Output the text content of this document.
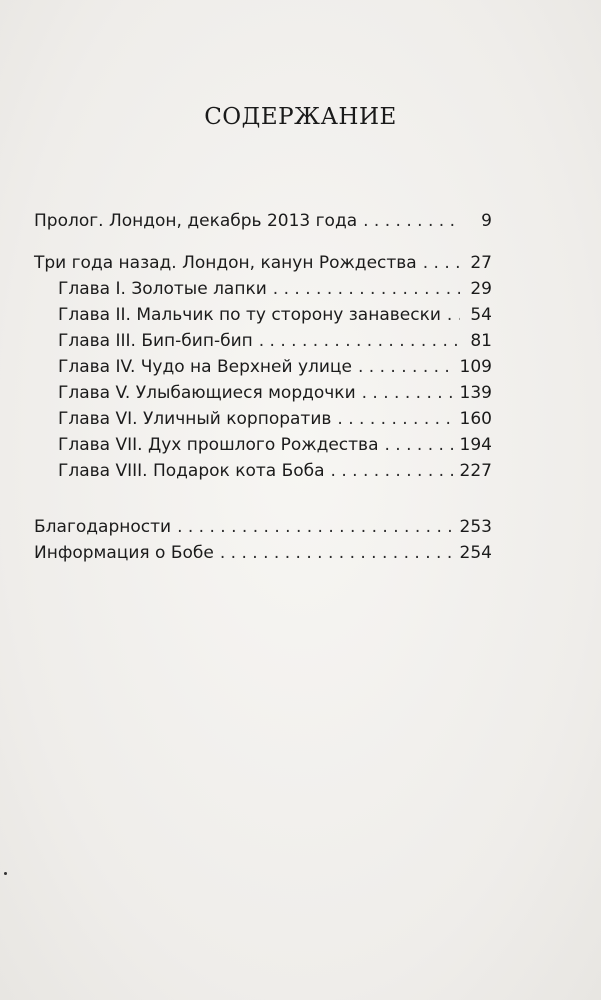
СОДЕРЖАНИЕ
Пролог. Лондон, декабрь 2013 года . . .	9
Три года назад. Лондон, канун Рождества . . .	27
Глава I. Золотые лапки . . .	29
Глава II. Мальчик по ту сторону занавески . . . 54
Глава III. Бип-бип-бип . . .	81
Глава IV. Чудо на Верхней улице . . .	109
Глава V. Улыбающиеся мордочки . . .	139
Глава VI. Уличный корпоратив . . .	160
Глава VII. Дух прошлого Рождества . . .	194
Глава VIII. Подарок кота Боба . . .	227
Благодарности . . .	253
Информация о Бобе . . .	254
